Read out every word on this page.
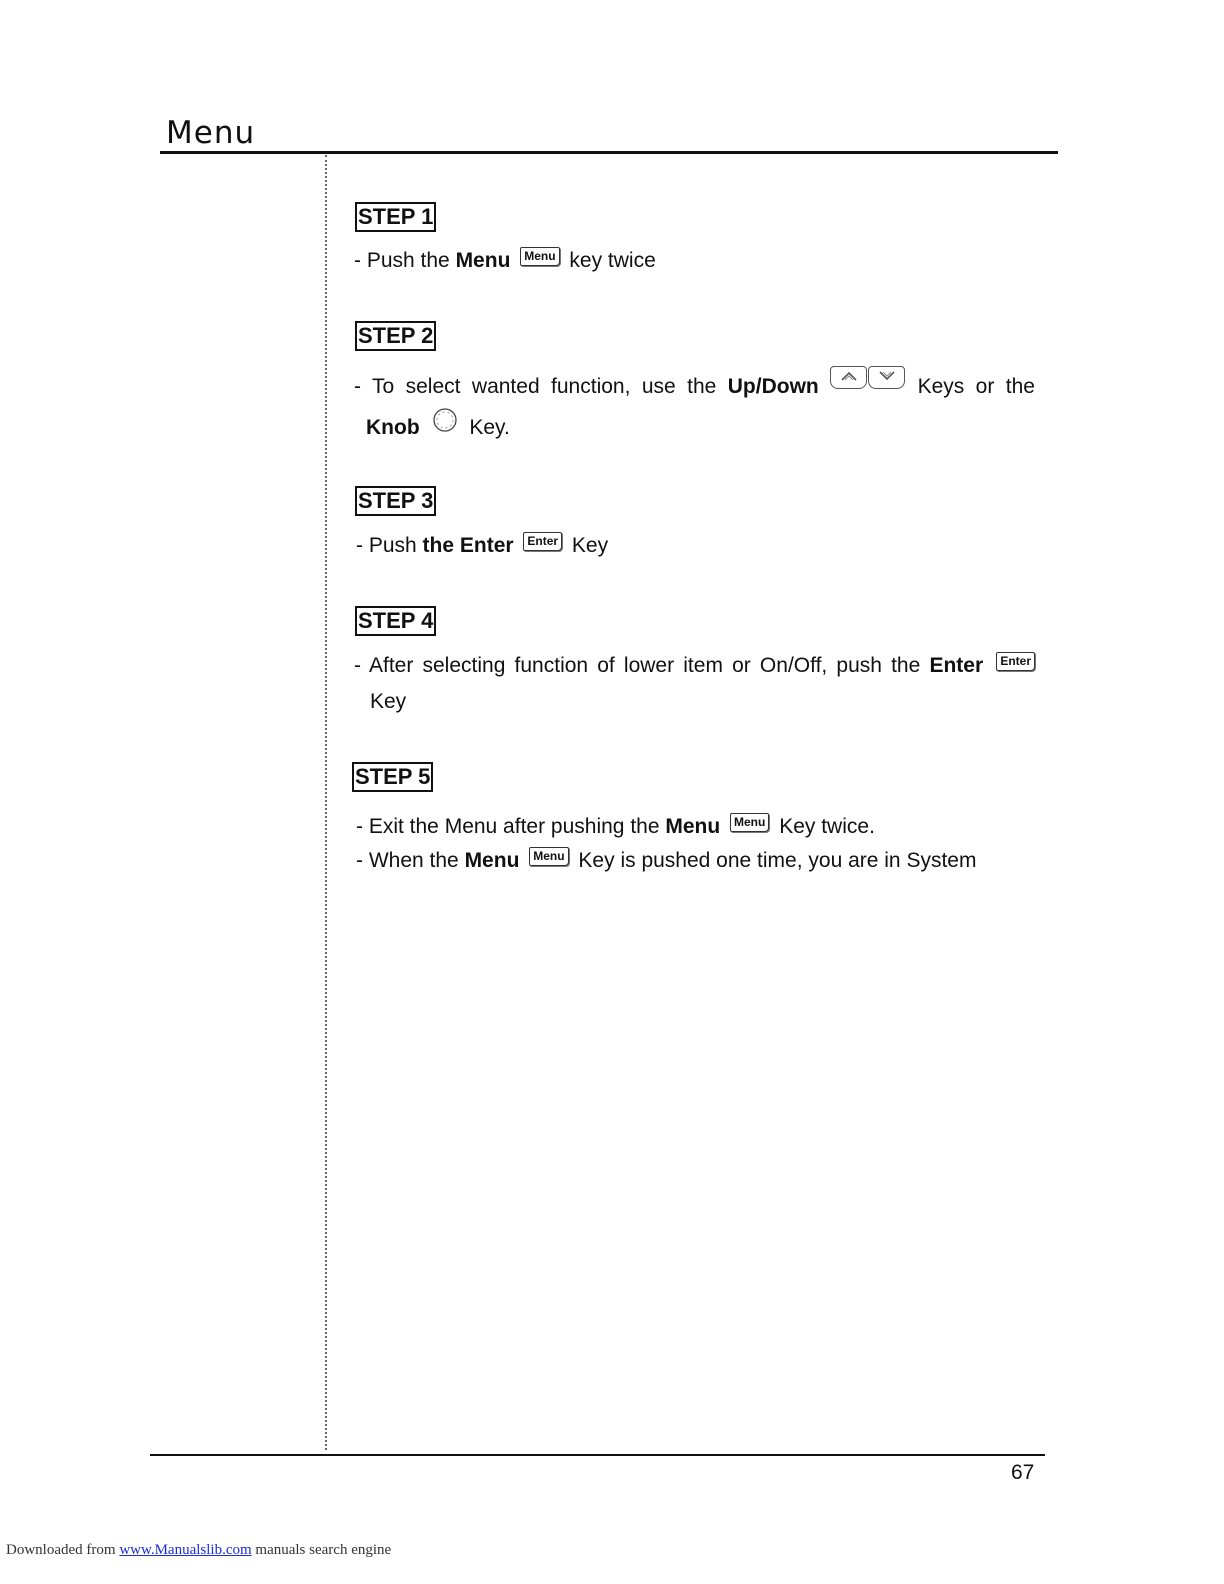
Menu
STEP 1
- Push the Menu Menu key twice
STEP 2
- To select wanted function, use the Up/Down	Keys or the
Knob Key.
STEP 3
- Push the Enter Enter Key
STEP 4
- After selecting function of lower item or On/Off, push the Enter Enter
Key
STEP 5
- Exit the Menu after pushing the Menu Menu Key twice.
- When the Menu Menu Key is pushed one time, you are in System
67
Downloaded from www.Manualslib.com manuals search engine
